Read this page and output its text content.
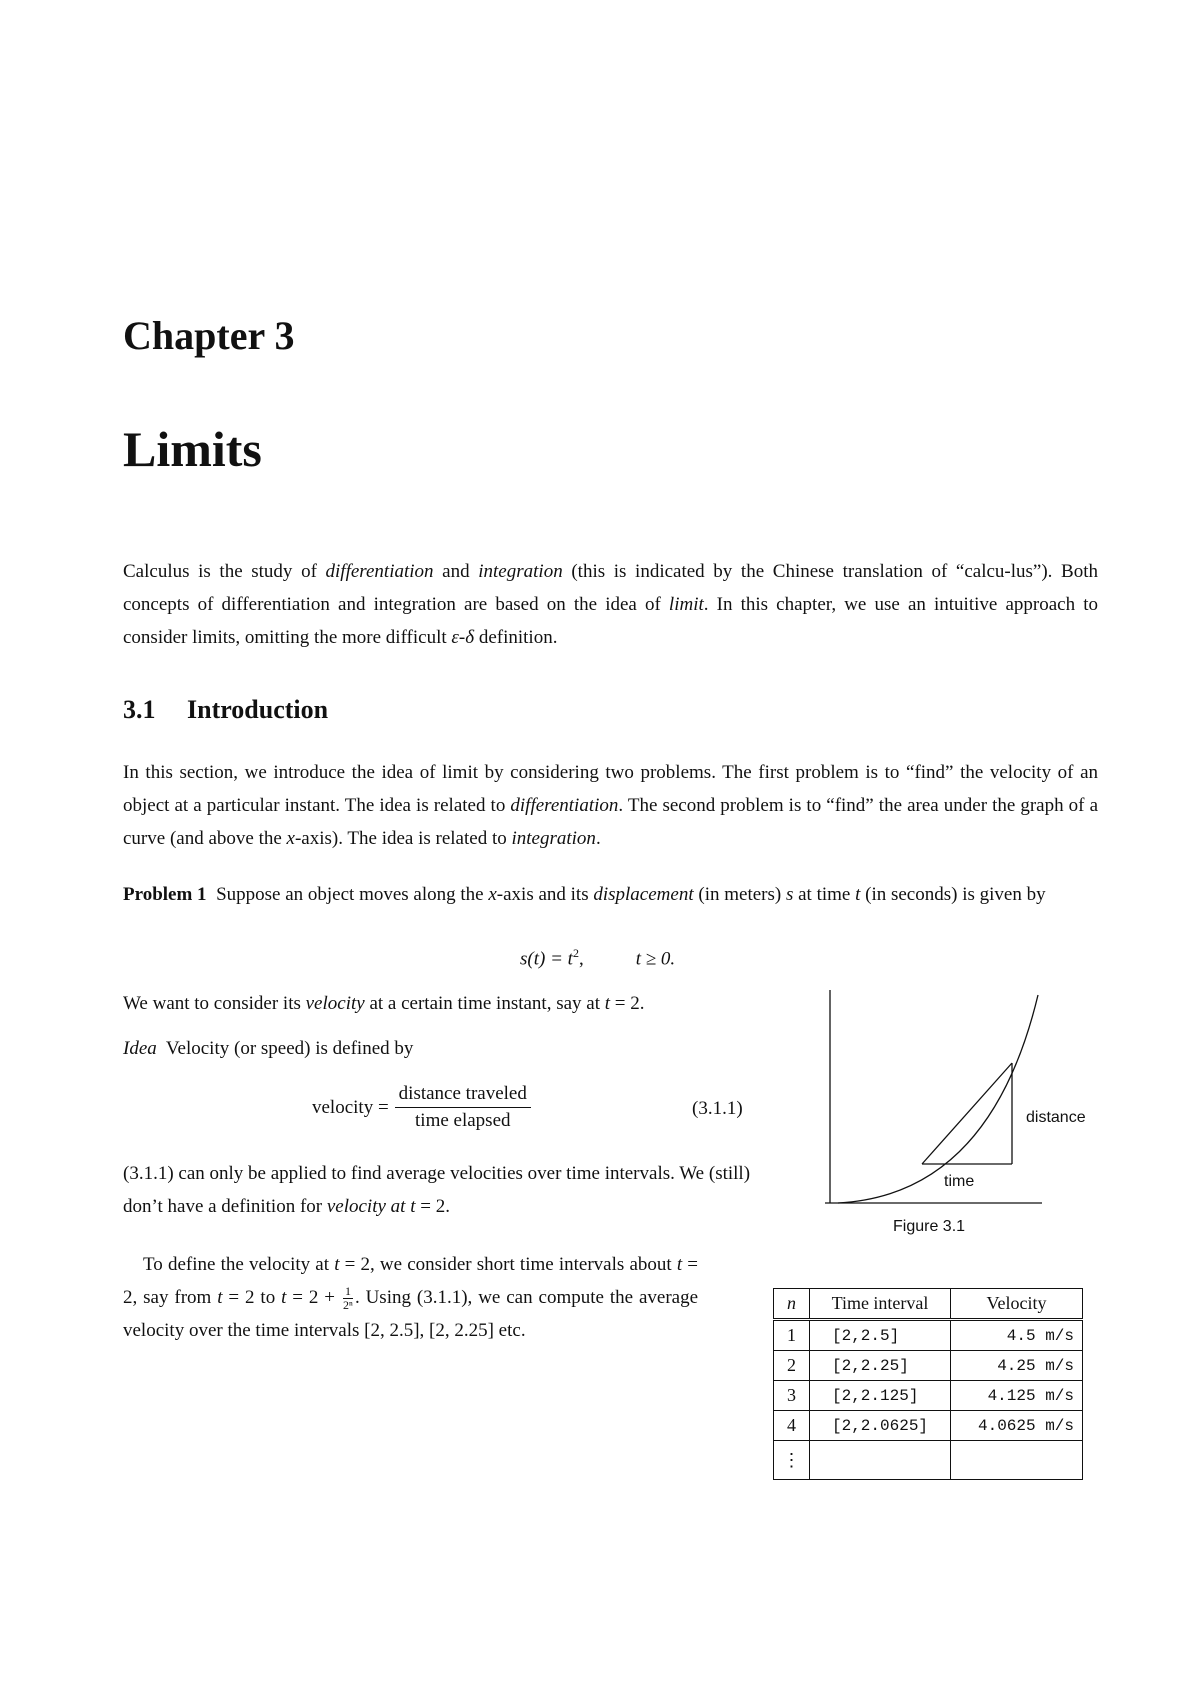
Chapter 3
Limits
Calculus is the study of differentiation and integration (this is indicated by the Chinese translation of “calcu-lus”). Both concepts of differentiation and integration are based on the idea of limit. In this chapter, we use an intuitive approach to consider limits, omitting the more difficult ε-δ definition.
3.1 Introduction
In this section, we introduce the idea of limit by considering two problems. The first problem is to “find” the velocity of an object at a particular instant. The idea is related to differentiation. The second problem is to “find” the area under the graph of a curve (and above the x-axis). The idea is related to integration.
Problem 1  Suppose an object moves along the x-axis and its displacement (in meters) s at time t (in seconds) is given by
$s(t) = t^2$,	t ≥ 0.
We want to consider its velocity at a certain time instant, say at t = 2.
Idea  Velocity (or speed) is defined by
velocity = $\frac{\text{distance traveled}}{\text{time elapsed}}$	(3.1.1)
(3.1.1) can only be applied to find average velocities over time intervals. We (still) don’t have a definition for velocity at t = 2.
To define the velocity at t = 2, we consider short time intervals about t = 2, say from t = 2 to $t = 2 + \frac{1}{\text{2ⁿ}}$ . Using (3.1.1), we can compute the average velocity over the time intervals [2, 2.5], [2, 2.25] etc.
distance
time
Figure 3.1
n	Time interval	Velocity
1	[2,2.5]	4.5 m/s
2	[2,2.25]	4.25 m/s
3	[2,2.125]	4.125 m/s
4	[2,2.0625]	4.0625 m/s
⋮		
